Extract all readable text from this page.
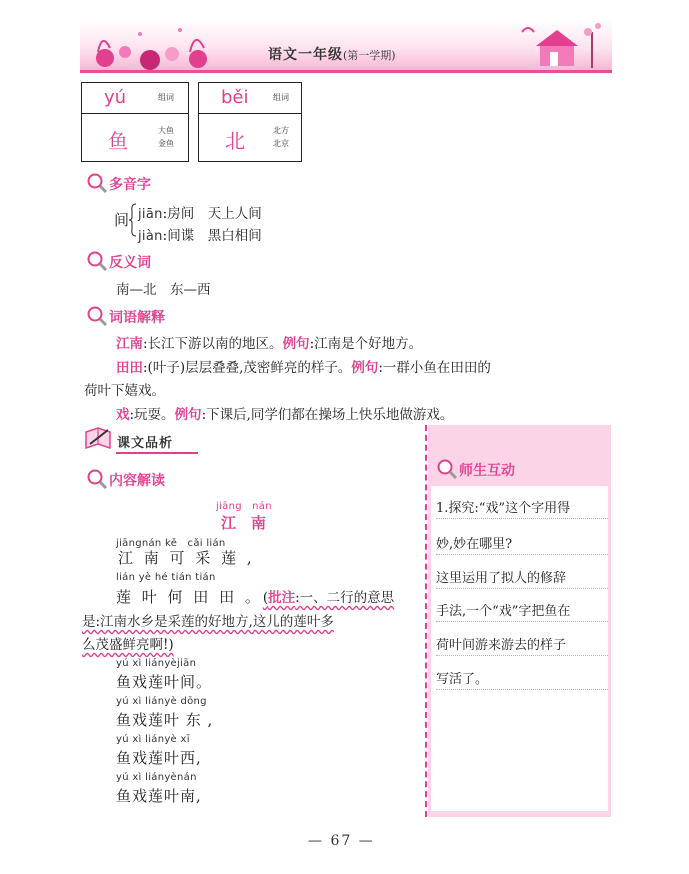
语文一年级(第一学期)
yú	组词
鱼	大鱼
金鱼
běi	组词
北	北方
北京
多音字
间 jiān:房间　天上人间
jiàn:间谍　黑白相间
反义词
南—北　东—西
词语解释
江南:长江下游以南的地区。例句:江南是个好地方。
田田:(叶子)层层叠叠,茂密鲜亮的样子。例句:一群小鱼在田田的
荷叶下嬉戏。
戏:玩耍。例句:下课后,同学们都在操场上快乐地做游戏。
课文品析
内容解读
jiāng　nán
江　南
jiāngnán kě　cǎi lián
江 南 可 采 莲 ,
lián yè hé tián tián
莲 叶 何 田 田 。(批注:一、二行的意思
是:江南水乡是采莲的好地方,这儿的莲叶多
么茂盛鲜亮啊!)
yú xì liányèjiān
鱼戏莲叶间。
yú xì liányè dōng
鱼戏莲叶 东 ,
yú xì liányè xī
鱼戏莲叶西,
yú xì liányènán
鱼戏莲叶南,
师生互动
1.探究:“戏”这个字用得
妙,妙在哪里?
这里运用了拟人的修辞
手法,一个“戏”字把鱼在
荷叶间游来游去的样子
写活了。
— 67 —
